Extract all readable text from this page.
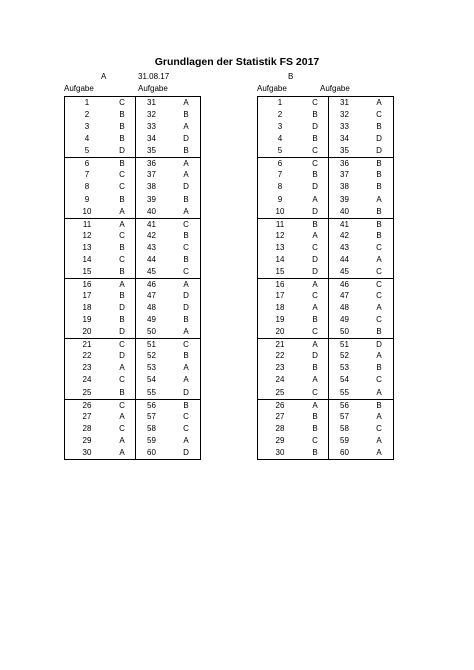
Grundlagen der Statistik FS 2017
A	31.08.17	B
Aufgabe	Aufgabe	Aufgabe	Aufgabe
1	C	31	A
2	B	32	B
3	B	33	A
4	B	34	D
5	D	35	B
6	B	36	A
7	C	37	A
8	C	38	D
9	B	39	B
10	A	40	A
11	A	41	C
12	C	42	B
13	B	43	C
14	C	44	B
15	B	45	C
16	A	46	A
17	B	47	D
18	D	48	D
19	B	49	B
20	D	50	A
21	C	51	C
22	D	52	B
23	A	53	A
24	C	54	A
25	B	55	D
26	C	56	B
27	A	57	C
28	C	58	C
29	A	59	A
30	A	60	D
1	C	31	A
2	B	32	C
3	D	33	B
4	B	34	D
5	C	35	D
6	C	36	B
7	B	37	B
8	D	38	B
9	A	39	A
10	D	40	B
11	B	41	B
12	A	42	B
13	C	43	C
14	D	44	A
15	D	45	C
16	A	46	C
17	C	47	C
18	A	48	A
19	B	49	C
20	C	50	B
21	A	51	D
22	D	52	A
23	B	53	B
24	A	54	C
25	C	55	A
26	A	56	B
27	B	57	A
28	B	58	C
29	C	59	A
30	B	60	A
